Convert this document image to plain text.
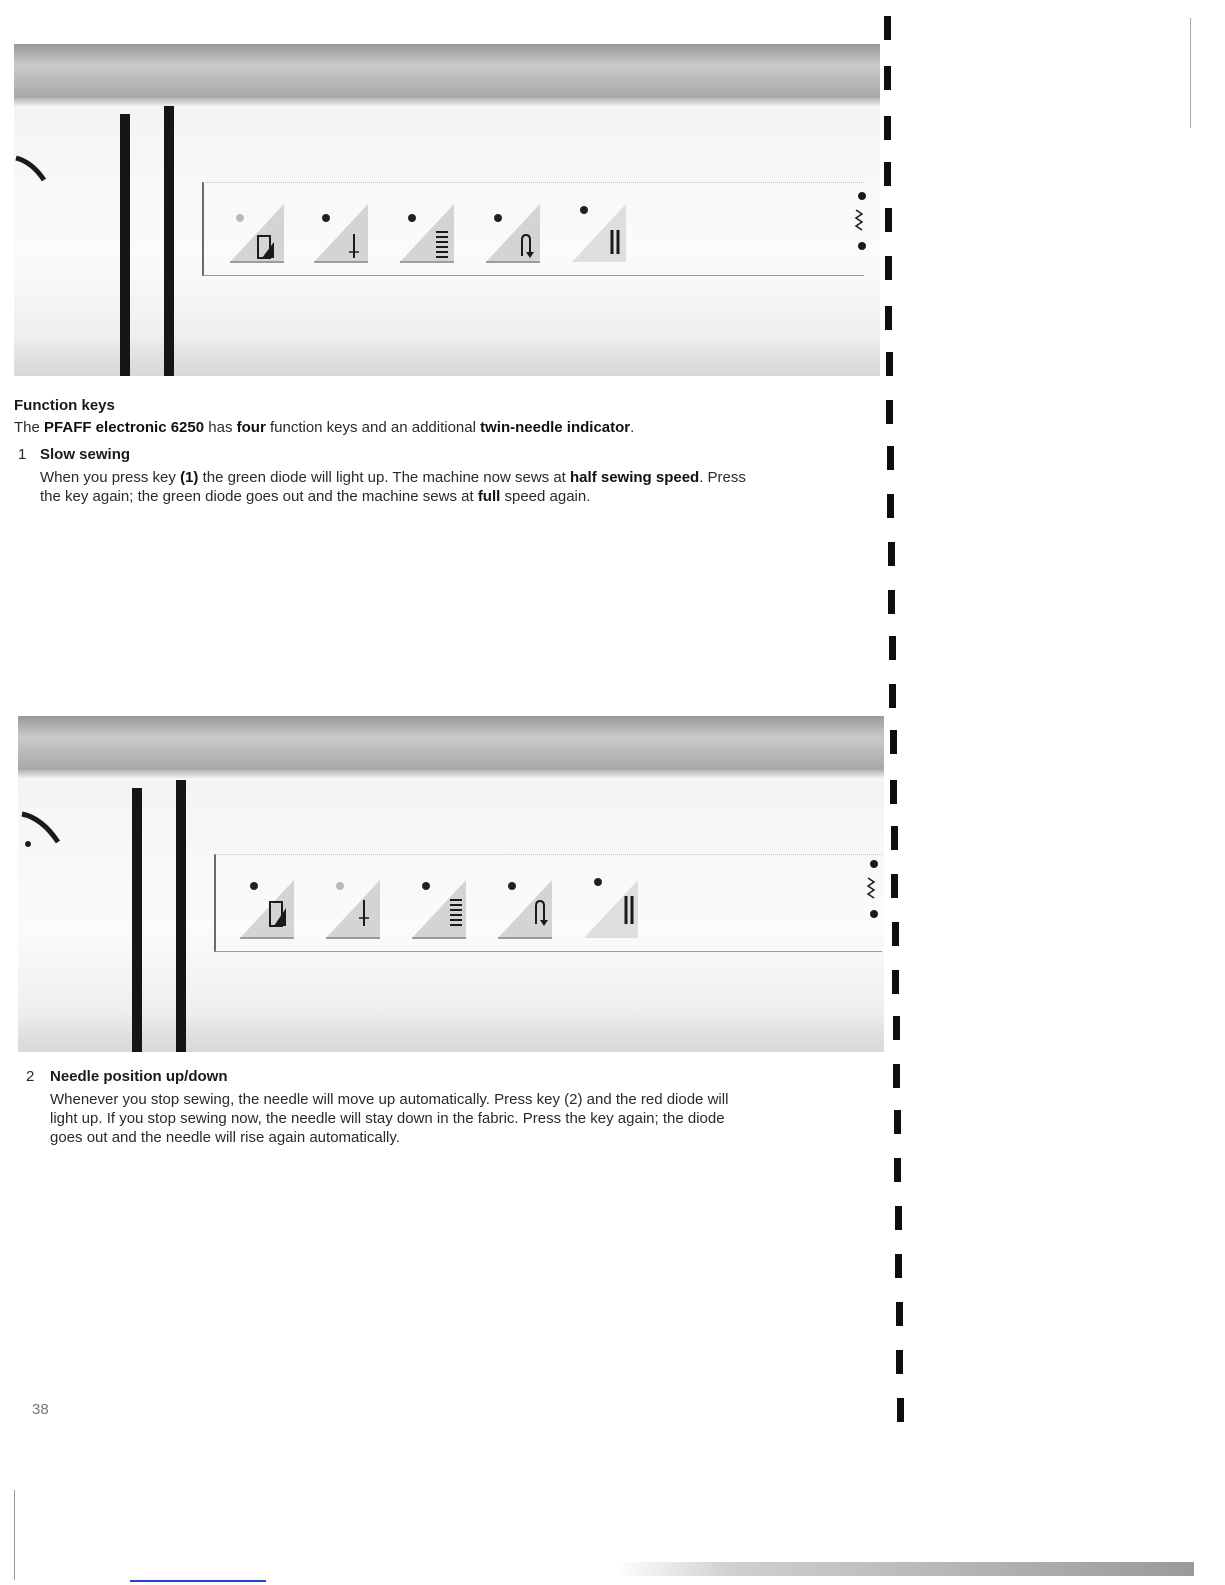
Function keys
The PFAFF electronic 6250 has four function keys and an additional twin-needle indicator.
1 Slow sewing
When you press key (1) the green diode will light up. The machine now sews at half sewing speed. Press
the key again; the green diode goes out and the machine sews at full speed again.
2 Needle position up/down
Whenever you stop sewing, the needle will move up automatically. Press key (2) and the red diode will
light up. If you stop sewing now, the needle will stay down in the fabric. Press the key again; the diode
goes out and the needle will rise again automatically.
38
